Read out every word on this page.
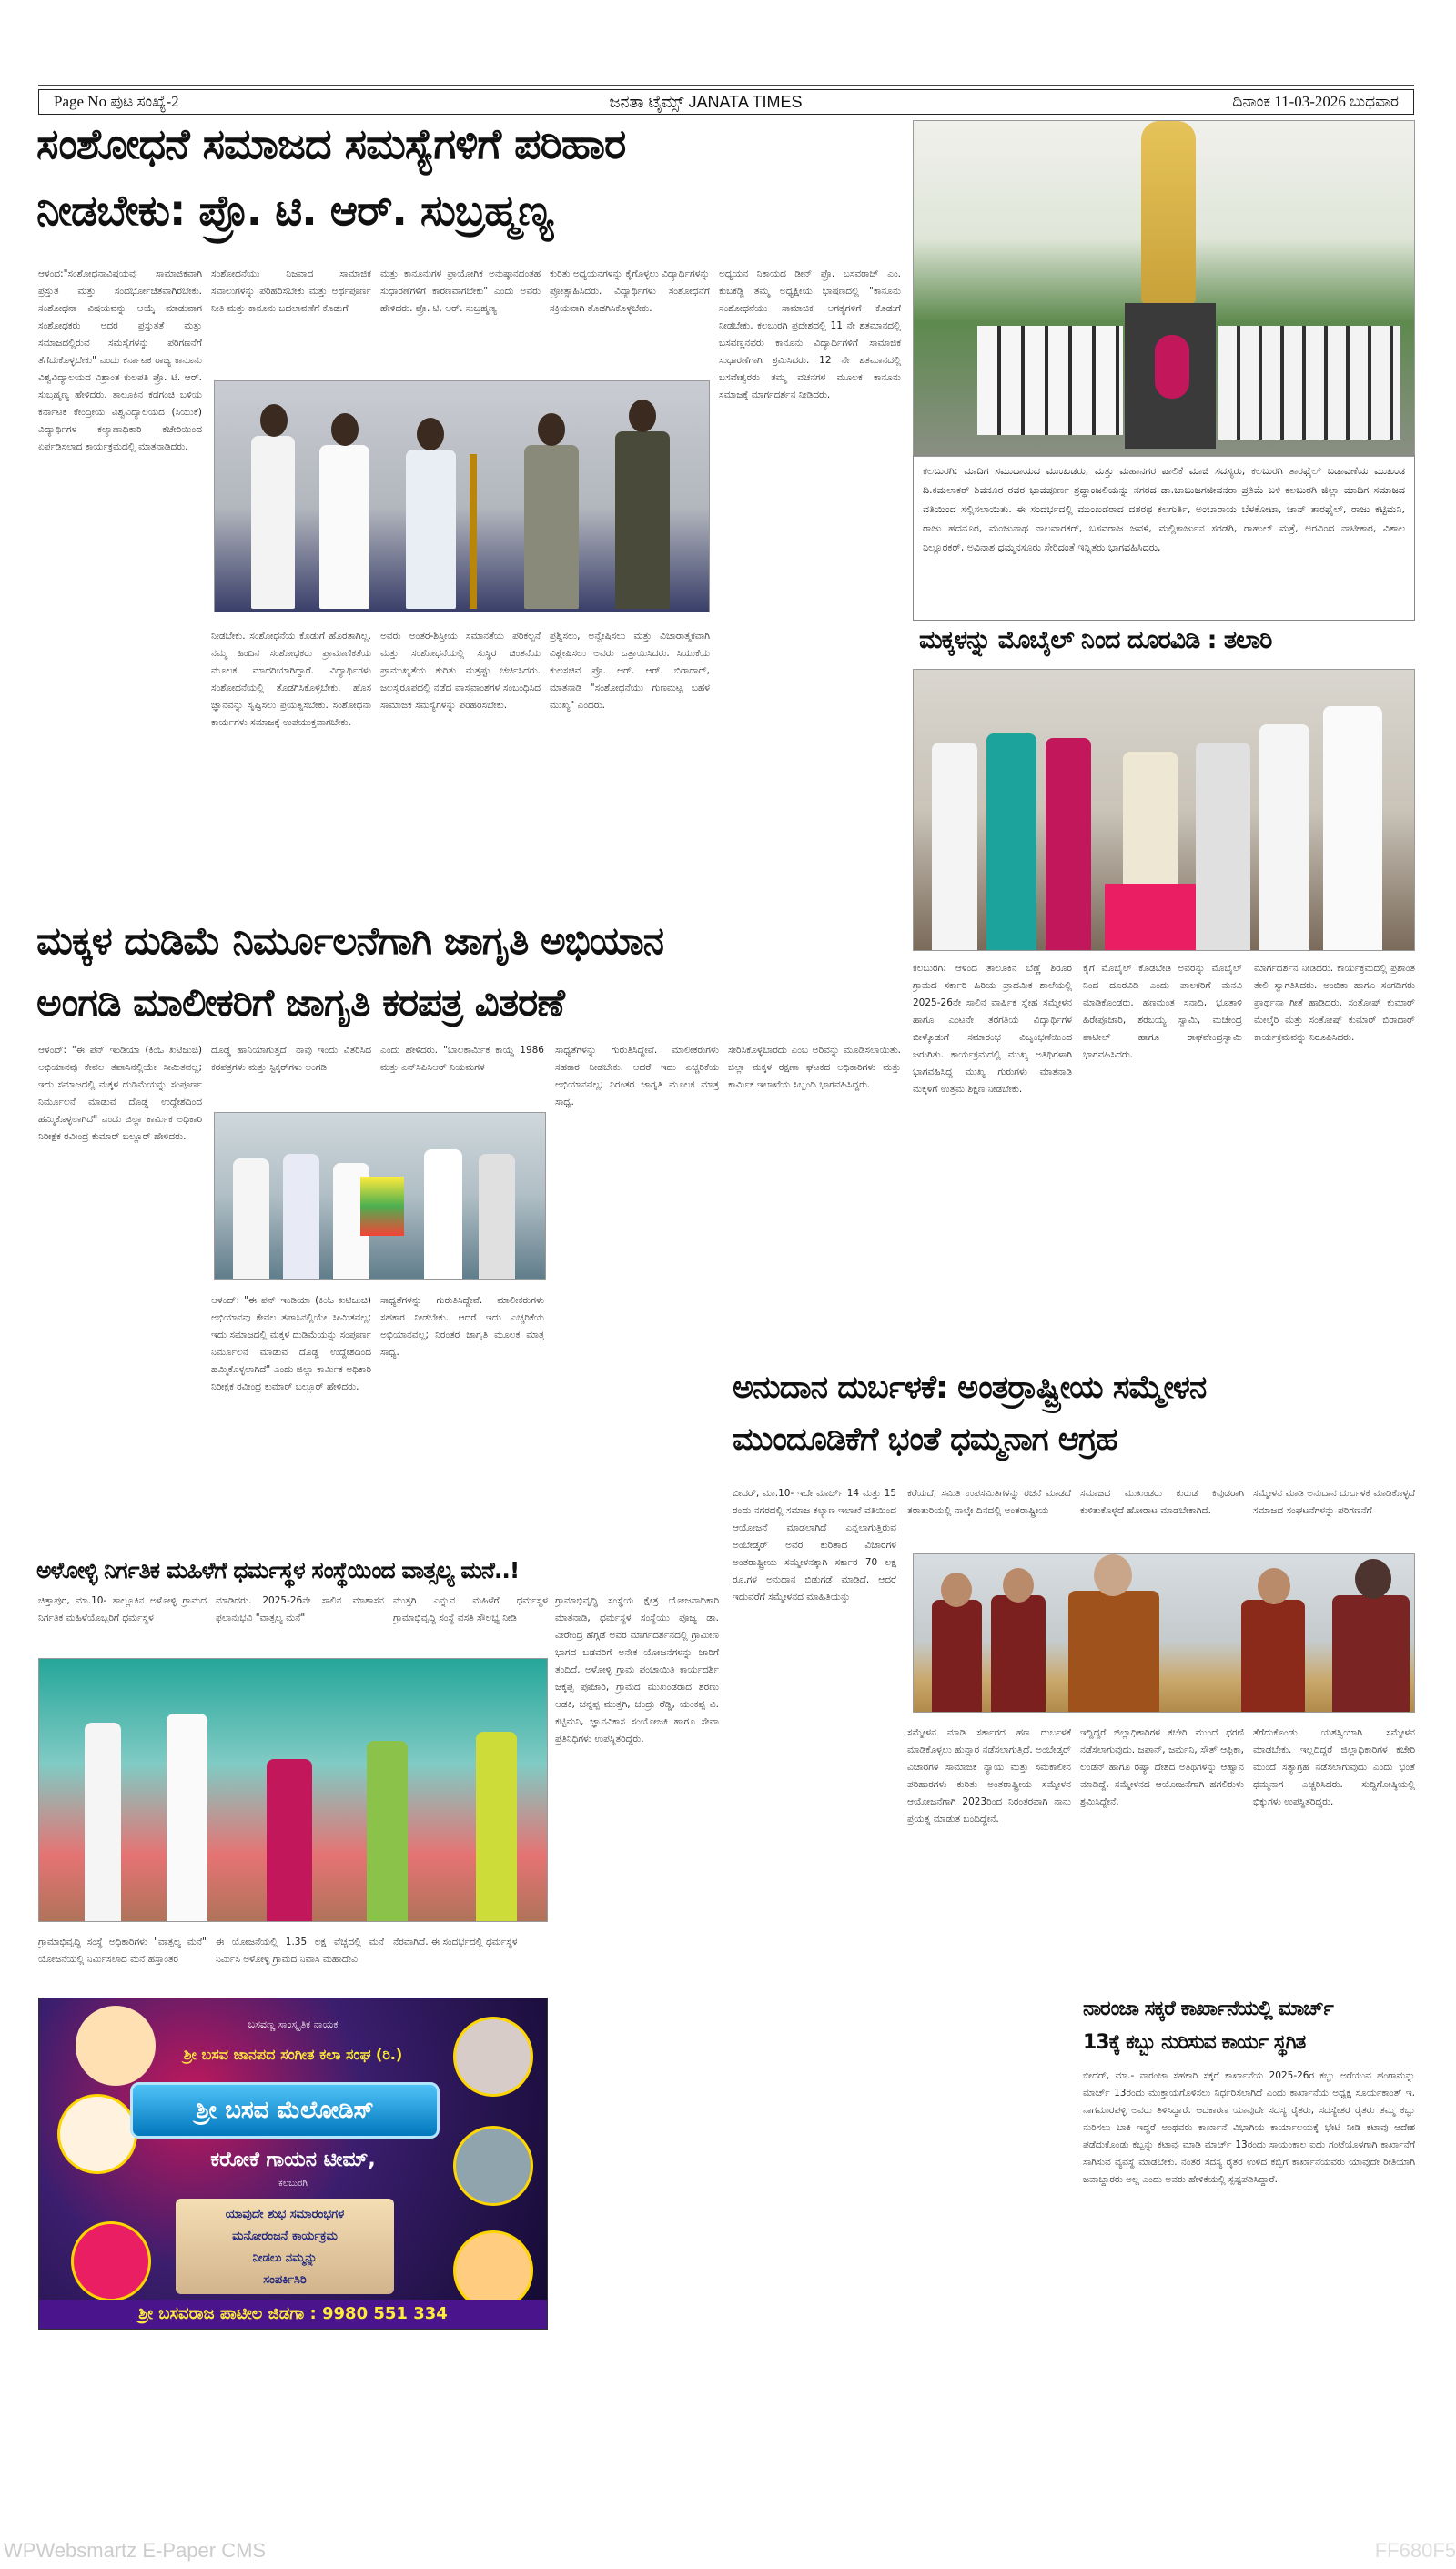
Page No ಪುಟ ಸಂಖ್ಯೆ-2	ಜನತಾ ಟೈಮ್ಸ್ JANATA TIMES	ದಿನಾಂಕ 11-03-2026 ಬುಧವಾರ
ಸಂಶೋಧನೆ ಸಮಾಜದ ಸಮಸ್ಯೆಗಳಿಗೆ ಪರಿಹಾರ
ನೀಡಬೇಕು: ಪ್ರೊ. ಟಿ. ಆರ್. ಸುಬ್ರಹ್ಮಣ್ಯ
ಆಳಂದ:"ಸಂಶೋಧನಾವಿಷಯವು ಸಾಮಾಜಿಕವಾಗಿ ಪ್ರಸ್ತುತ ಮತ್ತು ಸಂದರ್ಭೋಚಿತವಾಗಿರಬೇಕು. ಸಂಶೋಧನಾ ವಿಷಯವನ್ನು ಆಯ್ಕೆ ಮಾಡುವಾಗ ಸಂಶೋಧಕರು ಅದರ ಪ್ರಸ್ತುತತೆ ಮತ್ತು ಸಮಾಜದಲ್ಲಿರುವ ಸಮಸ್ಯೆಗಳನ್ನು ಪರಿಗಣನೆಗೆ ತೆಗೆದುಕೊಳ್ಳಬೇಕು" ಎಂದು ಕರ್ನಾಟಕ ರಾಜ್ಯ ಕಾನೂನು ವಿಶ್ವವಿದ್ಯಾಲಯದ ವಿಶ್ರಾಂತ ಕುಲಪತಿ ಪ್ರೊ. ಟಿ. ಆರ್. ಸುಬ್ರಹ್ಮಣ್ಯ ಹೇಳಿದರು. ತಾಲೂಕಿನ ಕಡಗಂಚಿ ಬಳಿಯ ಕರ್ನಾಟಕ ಕೇಂದ್ರೀಯ ವಿಶ್ವವಿದ್ಯಾಲಯದ (ಸಿಯುಕೆ) ವಿದ್ಯಾರ್ಥಿಗಳ ಕಲ್ಯಾಣಾಧಿಕಾರಿ ಕಚೇರಿಯಿಂದ ಏರ್ಪಡಿಸಲಾದ ಕಾರ್ಯಕ್ರಮದಲ್ಲಿ ಮಾತನಾಡಿದರು.
ಸಂಶೋಧನೆಯು ನಿಜವಾದ ಸಾಮಾಜಿಕ ಸವಾಲುಗಳನ್ನು ಪರಿಹರಿಸಬೇಕು ಮತ್ತು ಅರ್ಥಪೂರ್ಣ ನೀತಿ ಮತ್ತು ಕಾನೂನು ಬದಲಾವಣೆಗೆ ಕೊಡುಗೆ
ಮತ್ತು ಕಾನೂನುಗಳ ಪ್ರಾಯೋಗಿಕ ಅನುಷ್ಠಾನದಂತಹ ಸುಧಾರಣೆಗಳಿಗೆ ಕಾರಣವಾಗಬೇಕು" ಎಂದು ಅವರು ಹೇಳಿದರು. ಪ್ರೊ. ಟಿ. ಆರ್. ಸುಬ್ರಹ್ಮಣ್ಯ
ಕುರಿತು ಅಧ್ಯಯನಗಳನ್ನು ಕೈಗೊಳ್ಳಲು ವಿದ್ಯಾರ್ಥಿಗಳನ್ನು ಪ್ರೋತ್ಸಾಹಿಸಿದರು. ವಿದ್ಯಾರ್ಥಿಗಳು ಸಂಶೋಧನೆಗೆ ಸಕ್ರಿಯವಾಗಿ ತೊಡಗಿಸಿಕೊಳ್ಳಬೇಕು.
ಅಧ್ಯಯನ ನಿಕಾಯದ ಡೀನ್ ಪ್ರೊ. ಬಸವರಾಜ್ ಎಂ. ಕುಬಕಡ್ಡಿ ತಮ್ಮ ಅಧ್ಯಕ್ಷೀಯ ಭಾಷಣದಲ್ಲಿ "ಕಾನೂನು ಸಂಶೋಧನೆಯು ಸಾಮಾಜಿಕ ಅಗತ್ಯಗಳಿಗೆ ಕೊಡುಗೆ ನೀಡಬೇಕು. ಕಲಬುರಗಿ ಪ್ರದೇಶದಲ್ಲಿ 11 ನೇ ಶತಮಾನದಲ್ಲಿ ಬಸವಣ್ಣನವರು ಕಾನೂನು ವಿದ್ಯಾರ್ಥಿಗಳಿಗೆ ಸಾಮಾಜಿಕ ಸುಧಾರಣೆಗಾಗಿ ಶ್ರಮಿಸಿದರು. 12 ನೇ ಶತಮಾನದಲ್ಲಿ ಬಸವೇಶ್ವರರು ತಮ್ಮ ವಚನಗಳ ಮೂಲಕ ಕಾನೂನು ಸಮಾಜಕ್ಕೆ ಮಾರ್ಗದರ್ಶನ ನೀಡಿದರು.
ನೀಡಬೇಕು. ಸಂಶೋಧನೆಯ ಕೊಡುಗೆ ಹೊರತಾಗಿಲ್ಲ. ನಮ್ಮ ಹಿಂದಿನ ಸಂಶೋಧಕರು ಪ್ರಾಮಾಣಿಕತೆಯ ಮೂಲಕ ಮಾದರಿಯಾಗಿದ್ದಾರೆ. ವಿದ್ಯಾರ್ಥಿಗಳು ಸಂಶೋಧನೆಯಲ್ಲಿ ತೊಡಗಿಸಿಕೊಳ್ಳಬೇಕು. ಹೊಸ ಜ್ಞಾನವನ್ನು ಸೃಷ್ಟಿಸಲು ಪ್ರಯತ್ನಿಸಬೇಕು. ಸಂಶೋಧನಾ ಕಾರ್ಯಗಳು ಸಮಾಜಕ್ಕೆ ಉಪಯುಕ್ತವಾಗಬೇಕು.
ಅವರು ಅಂತರ-ಶಿಸ್ತೀಯ ಸಮಾನತೆಯ ಪರಿಕಲ್ಪನೆ ಮತ್ತು ಸಂಶೋಧನೆಯಲ್ಲಿ ಸುಸ್ಥಿರ ಚಿಂತನೆಯ ಪ್ರಾಮುಖ್ಯತೆಯ ಕುರಿತು ಮತ್ತಷ್ಟು ಚರ್ಚಿಸಿದರು. ಜಲಸ್ವರೂಪದಲ್ಲಿ ನಡೆದ ವಾಸ್ತವಾಂಶಗಳ ಸಂಬಂಧಿಸಿದ ಸಾಮಾಜಿಕ ಸಮಸ್ಯೆಗಳನ್ನು ಪರಿಹರಿಸಬೇಕು.
ಪ್ರಶ್ನಿಸಲು, ಅನ್ವೇಷಿಸಲು ಮತ್ತು ವಿಚಾರಾತ್ಮಕವಾಗಿ ವಿಶ್ಲೇಷಿಸಲು ಅವರು ಒತ್ತಾಯಿಸಿದರು. ಸಿಯುಕೆಯ ಕುಲಸಚಿವ ಪ್ರೊ. ಆರ್. ಆರ್. ಬಿರಾದಾರ್, ಮಾತನಾಡಿ "ಸಂಶೋಧನೆಯು ಗುಣಮಟ್ಟ ಬಹಳ ಮುಖ್ಯ" ಎಂದರು.
ಕಲಬುರಗಿ: ಮಾದಿಗ ಸಮುದಾಯದ ಮುಂಖಡರು, ಮತ್ತು ಮಹಾನಗರ ಪಾಲಿಕೆ ಮಾಜಿ ಸದಸ್ಯರು, ಕಲಬುರಗಿ ತಾರಫೈಲ್ ಬಡಾವಣೆಯ ಮುಖಂಡ ದಿ.ಕಮಲಾಕರ್ ಶಿವನೂರ ರವರ ಭಾವಪೂರ್ಣ ಶ್ರದ್ಧಾಂಜಲಿಯನ್ನು ನಗರದ ಡಾ.ಬಾಬುಜಗಜೀವನರಾ ಪ್ರತಿಮೆ ಬಳಿ ಕಲಬುರಗಿ ಜಿಲ್ಲಾ ಮಾದಿಗ ಸಮಾಜದ ವತಿಯಿಂದ ಸಲ್ಲಿಸಲಾಯಿತು. ಈ ಸಂದರ್ಭದಲ್ಲಿ ಮುಂಖಡರಾದ ದಶರಥ ಕಲಗುರ್ತಿ, ಅಂಬಾರಾಯ ಬೆಳಕೋಟಾ, ಜಾನ್ ತಾರಫೈಲ್, ರಾಜು ಕಟ್ಟಿಮನಿ, ರಾಜು ಹದನೂರ, ಮಂಜುನಾಥ ನಾಲವಾರಕರ್, ಬಸವರಾಜ ಜವಳಿ, ಮಲ್ಲಿಕಾರ್ಜುನ ಸರಡಗಿ, ರಾಹುಲ್ ಮತ್ರೆ, ಅರವಿಂದ ನಾಟೀಕಾರ, ವಿಶಾಲ ನಿಲ್ಲೂರಕರ್, ಅವಿನಾಶ ಧಮ್ಮನಸೂರು ಸೇರಿದಂತೆ ಇನ್ನಿತರು ಭಾಗವಹಿಸಿದರು,
ಮಕ್ಕಳನ್ನು ಮೊಬೈಲ್ ನಿಂದ ದೂರವಿಡಿ : ತಲಾರಿ
ಕಲಬುರಗಿ: ಆಳಂದ ತಾಲೂಕಿನ ಬೆಣ್ಣೆ ಶಿರೂರ ಗ್ರಾಮದ ಸರ್ಕಾರಿ ಹಿರಿಯ ಪ್ರಾಥಮಿಕ ಶಾಲೆಯಲ್ಲಿ 2025-26ನೇ ಸಾಲಿನ ವಾರ್ಷಿಕ ಸ್ನೇಹ ಸಮ್ಮೇಳನ ಹಾಗೂ ಎಂಟನೇ ತರಗತಿಯ ವಿದ್ಯಾರ್ಥಿಗಳ ಬೀಳ್ಕೊಡುಗೆ ಸಮಾರಂಭ ವಿಜೃಂಭಣೆಯಿಂದ ಜರುಗಿತು. ಕಾರ್ಯಕ್ರಮದಲ್ಲಿ ಮುಖ್ಯ ಅತಿಥಿಗಳಾಗಿ ಭಾಗವಹಿಸಿದ್ದ ಮುಖ್ಯ ಗುರುಗಳು ಮಾತನಾಡಿ ಮಕ್ಕಳಿಗೆ ಉತ್ತಮ ಶಿಕ್ಷಣ ನೀಡಬೇಕು.
ಕೈಗೆ ಮೊಬೈಲ್ ಕೊಡಬೇಡಿ ಅವರನ್ನು ಮೊಬೈಲ್ ನಿಂದ ದೂರವಿಡಿ ಎಂದು ಪಾಲಕರಿಗೆ ಮನವಿ ಮಾಡಿಕೊಂಡರು. ಹಣಮಂತ ಸನಾದಿ, ಭೂತಾಳಿ ಹಿರೇಪೂಜಾರಿ, ಶರಬಯ್ಯ ಸ್ವಾಮಿ, ಮಚೇಂದ್ರ ಪಾಟೀಲ್ ಹಾಗೂ ರಾಘವೇಂದ್ರಸ್ವಾಮಿ ಭಾಗವಹಿಸಿದರು.
ಮಾರ್ಗದರ್ಶನ ನೀಡಿದರು. ಕಾರ್ಯಕ್ರಮದಲ್ಲಿ ಪ್ರಶಾಂತ ತೇಲಿ ಸ್ವಾಗತಿಸಿದರು. ಅಂಬಿಕಾ ಹಾಗೂ ಸಂಗಡಿಗರು ಪ್ರಾರ್ಥನಾ ಗೀತೆ ಹಾಡಿದರು. ಸಂತೋಷ್ ಕುಮಾರ್ ಮೇಲ್ಕೆರಿ ಮತ್ತು ಸಂತೋಷ್ ಕುಮಾರ್ ಬಿರಾದಾರ್ ಕಾರ್ಯಕ್ರಮವನ್ನು ನಿರೂಪಿಸಿದರು.
ಮಕ್ಕಳ ದುಡಿಮೆ ನಿರ್ಮೂಲನೆಗಾಗಿ ಜಾಗೃತಿ ಅಭಿಯಾನ
ಅಂಗಡಿ ಮಾಲೀಕರಿಗೆ ಜಾಗೃತಿ ಕರಪತ್ರ ವಿತರಣೆ
ಆಳಂದ್: "ಈ ಪನ್ ಇಂಡಿಯಾ (ಕಿಂಓ ಖಟಿಜುಚಿ) ಅಭಿಯಾನವು ಕೇವಲ ತಪಾಸಿನಲ್ಲಿಯೇ ಸೀಮಿತವಲ್ಲ; ಇದು ಸಮಾಜದಲ್ಲಿ ಮಕ್ಕಳ ದುಡಿಮೆಯನ್ನು ಸಂಪೂರ್ಣ ನಿರ್ಮೂಲನೆ ಮಾಡುವ ದೊಡ್ಡ ಉದ್ದೇಶದಿಂದ ಹಮ್ಮಿಕೊಳ್ಳಲಾಗಿದೆ" ಎಂದು ಜಿಲ್ಲಾ ಕಾರ್ಮಿಕ ಅಧಿಕಾರಿ ನಿರೀಕ್ಷಕ ರವೀಂದ್ರ ಕುಮಾರ್ ಬಲ್ಲೂರ್ ಹೇಳಿದರು.
ದೊಡ್ಡ ಹಾನಿಯಾಗುತ್ತದೆ. ನಾವು ಇಂದು ವಿತರಿಸಿದ ಕರಪತ್ರಗಳು ಮತ್ತು ಸ್ಟಿಕ್ಕರ್‌ಗಳು ಅಂಗಡಿ
ಎಂದು ಹೇಳಿದರು. "ಬಾಲಕಾರ್ಮಿಕ ಕಾಯ್ದೆ 1986 ಮತ್ತು ಎನ್‌ಸಿಪಿಸಿಆರ್ ನಿಯಮಗಳ
ಸಾಧ್ಯತೆಗಳನ್ನು ಗುರುತಿಸಿದ್ದೇವೆ. ಮಾಲೀಕರುಗಳು ಸಹಕಾರ ನೀಡಬೇಕು. ಆದರೆ ಇದು ಎಚ್ಚರಿಕೆಯ ಅಭಿಯಾನವಲ್ಲ; ನಿರಂತರ ಜಾಗೃತಿ ಮೂಲಕ ಮಾತ್ರ ಸಾಧ್ಯ.
ಸೇರಿಸಿಕೊಳ್ಳಬಾರದು ಎಂಬ ಅರಿವನ್ನು ಮೂಡಿಸಲಾಯಿತು. ಜಿಲ್ಲಾ ಮಕ್ಕಳ ರಕ್ಷಣಾ ಘಟಕದ ಅಧಿಕಾರಿಗಳು ಮತ್ತು ಕಾರ್ಮಿಕ ಇಲಾಖೆಯ ಸಿಬ್ಬಂದಿ ಭಾಗವಹಿಸಿದ್ದರು.
ಆಳಂದ್: "ಈ ಪನ್ ಇಂಡಿಯಾ (ಕಿಂಓ ಖಟಿಜುಚಿ) ಅಭಿಯಾನವು ಕೇವಲ ತಪಾಸಿನಲ್ಲಿಯೇ ಸೀಮಿತವಲ್ಲ; ಇದು ಸಮಾಜದಲ್ಲಿ ಮಕ್ಕಳ ದುಡಿಮೆಯನ್ನು ಸಂಪೂರ್ಣ ನಿರ್ಮೂಲನೆ ಮಾಡುವ ದೊಡ್ಡ ಉದ್ದೇಶದಿಂದ ಹಮ್ಮಿಕೊಳ್ಳಲಾಗಿದೆ" ಎಂದು ಜಿಲ್ಲಾ ಕಾರ್ಮಿಕ ಅಧಿಕಾರಿ ನಿರೀಕ್ಷಕ ರವೀಂದ್ರ ಕುಮಾರ್ ಬಲ್ಲೂರ್ ಹೇಳಿದರು.
ಸಾಧ್ಯತೆಗಳನ್ನು ಗುರುತಿಸಿದ್ದೇವೆ. ಮಾಲೀಕರುಗಳು ಸಹಕಾರ ನೀಡಬೇಕು. ಆದರೆ ಇದು ಎಚ್ಚರಿಕೆಯ ಅಭಿಯಾನವಲ್ಲ; ನಿರಂತರ ಜಾಗೃತಿ ಮೂಲಕ ಮಾತ್ರ ಸಾಧ್ಯ.
ಅಳೋಳ್ಳಿ ನಿರ್ಗತಿಕ ಮಹಿಳೆಗೆ ಧರ್ಮಸ್ಥಳ ಸಂಸ್ಥೆಯಿಂದ ವಾತ್ಸಲ್ಯ ಮನೆ..!
ಚಿತ್ತಾಪುರ, ಮಾ.10- ತಾಲ್ಲೂಕಿನ ಅಳೋಳ್ಳಿ ಗ್ರಾಮದ ನಿರ್ಗತಿಕ ಮಹಿಳೆಯೊಬ್ಬರಿಗೆ ಧರ್ಮಸ್ಥಳ
ಮಾಡಿದರು. 2025-26ನೇ ಸಾಲಿನ ಮಾಶಾಸನ ಫಲಾನುಭವಿ "ವಾತ್ಸಲ್ಯ ಮನೆ"
ಮುತ್ತಗಿ ಎನ್ನುವ ಮಹಿಳೆಗೆ ಧರ್ಮಸ್ಥಳ ಗ್ರಾಮಾಭಿವೃದ್ಧಿ ಸಂಸ್ಥೆ ವಸತಿ ಸೌಲಭ್ಯ ನೀಡಿ
ಗ್ರಾಮಾಭಿವೃದ್ಧಿ ಸಂಸ್ಥೆಯ ಕ್ಷೇತ್ರ ಯೋಜನಾಧಿಕಾರಿ ಮಾತನಾಡಿ, ಧರ್ಮಸ್ಥಳ ಸಂಸ್ಥೆಯು ಪೂಜ್ಯ ಡಾ. ವೀರೇಂದ್ರ ಹೆಗ್ಗಡೆ ಅವರ ಮಾರ್ಗದರ್ಶನದಲ್ಲಿ ಗ್ರಾಮೀಣ ಭಾಗದ ಬಡವರಿಗೆ ಅನೇಕ ಯೋಜನೆಗಳನ್ನು ಜಾರಿಗೆ ತಂದಿದೆ. ಅಳೋಳ್ಳಿ ಗ್ರಾಮ ಪಂಚಾಯಿತಿ ಕಾರ್ಯದರ್ಶಿ ಜಕ್ಕಪ್ಪ ಪೂಜಾರಿ, ಗ್ರಾಮದ ಮುಖಂಡರಾದ ಶರಣು ಆಡಕಿ, ಚನ್ನಪ್ಪ ಮುತ್ತಗಿ, ಚಂದ್ರು ರೆಡ್ಡಿ, ಯಂಕಪ್ಪ ವಿ. ಕಟ್ಟಿಮನಿ, ಜ್ಞಾನವಿಕಾಸ ಸಂಯೋಜಕಿ ಹಾಗೂ ಸೇವಾ ಪ್ರತಿನಿಧಿಗಳು ಉಪಸ್ಥಿತರಿದ್ದರು.
ಗ್ರಾಮಾಭಿವೃದ್ಧಿ ಸಂಸ್ಥೆ ಅಧಿಕಾರಿಗಳು "ವಾತ್ಸಲ್ಯ ಮನೆ" ಯೋಜನೆಯಲ್ಲಿ ನಿರ್ಮಿಸಲಾದ ಮನೆ ಹಸ್ತಾಂತರ
ಈ ಯೋಜನೆಯಲ್ಲಿ 1.35 ಲಕ್ಷ ವೆಚ್ಚದಲ್ಲಿ ಮನೆ ನಿರ್ಮಿಸಿ ಅಳೋಳ್ಳಿ ಗ್ರಾಮದ ನಿವಾಸಿ ಮಹಾದೇವಿ
ನೆರವಾಗಿದೆ. ಈ ಸಂದರ್ಭದಲ್ಲಿ ಧರ್ಮಸ್ಥಳ
ಬಸವಣ್ಣ ಸಾಂಸ್ಕೃತಿಕ ನಾಯಕ
ಶ್ರೀ ಬಸವ ಜಾನಪದ ಸಂಗೀತ ಕಲಾ ಸಂಘ (ರಿ.)
ಶ್ರೀ ಬಸವ ಮೆಲೋಡಿಸ್
ಕರೋಕೆ ಗಾಯನ ಟೀಮ್,
ಕಲಬುರಗಿ
ಯಾವುದೇ ಶುಭ ಸಮಾರಂಭಗಳ
ಮನೋರಂಜನೆ ಕಾರ್ಯಕ್ರಮ
ನೀಡಲು ನಮ್ಮನ್ನು
ಸಂಪರ್ಕಿಸಿರಿ
ಶ್ರೀ ಬಸವರಾಜ ಪಾಟೀಲ ಜಿಡಗಾ : 9980 551 334
ಅನುದಾನ ದುರ್ಬಳಕೆ: ಅಂತರ್ರಾಷ್ಟ್ರೀಯ ಸಮ್ಮೇಳನ
ಮುಂದೂಡಿಕೆಗೆ ಭಂತೆ ಧಮ್ಮನಾಗ ಆಗ್ರಹ
ಬೀದರ್, ಮಾ.10- ಇದೇ ಮಾರ್ಚ್ 14 ಮತ್ತು 15 ರಂದು ನಗರದಲ್ಲಿ ಸಮಾಜ ಕಲ್ಯಾಣ ಇಲಾಖೆ ವತಿಯಿಂದ ಆಯೋಜನೆ ಮಾಡಲಾಗಿದೆ ಎನ್ನಲಾಗುತ್ತಿರುವ ಅಂಬೇಡ್ಕರ್ ಅವರ ಕುರಿತಾದ ವಿಚಾರಗಳ ಅಂತರಾಷ್ಟ್ರೀಯ ಸಮ್ಮೇಳನಕ್ಕಾಗಿ ಸರ್ಕಾರ 70 ಲಕ್ಷ ರೂ.ಗಳ ಅನುದಾನ ಬಿಡುಗಡೆ ಮಾಡಿದೆ. ಆದರೆ ಇದುವರೆಗೆ ಸಮ್ಮೇಳನದ ಮಾಹಿತಿಯನ್ನು
ಕರೆಯದೆ, ಸಮಿತಿ ಉಪಸಮಿತಿಗಳನ್ನು ರಚನೆ ಮಾಡದೆ ತರಾತುರಿಯಲ್ಲಿ ನಾಲ್ಕೇ ದಿನದಲ್ಲಿ ಅಂತರಾಷ್ಟ್ರೀಯ
ಸಮಾಜದ ಮುಖಂಡರು ಕುರುಡ ಕಿವುಡರಾಗಿ ಕುಳಿತುಕೊಳ್ಳದೆ ಹೋರಾಟ ಮಾಡಬೇಕಾಗಿದೆ.
ಸಮ್ಮೇಳನ ಮಾಡಿ ಅನುದಾನ ದುರ್ಬಳಕೆ ಮಾಡಿಕೊಳ್ಳದೆ ಸಮಾಜದ ಸಂಘಟನೆಗಳನ್ನು ಪರಿಗಣನೆಗೆ
ಸಮ್ಮೇಳನ ಮಾಡಿ ಸರ್ಕಾರದ ಹಣ ದುರ್ಬಳಕೆ ಮಾಡಿಕೊಳ್ಳಲು ಹುನ್ನಾರ ನಡೆಸಲಾಗುತ್ತಿದೆ. ಅಂಬೇಡ್ಕರ್ ವಿಚಾರಗಳ ಸಾಮಾಜಿಕ ನ್ಯಾಯ ಮತ್ತು ಸಮಕಾಲೀನ ಪರಿಹಾರಗಳು ಕುರಿತು ಅಂತರಾಷ್ಟ್ರೀಯ ಸಮ್ಮೇಳನ ಆಯೋಜನೆಗಾಗಿ 2023ರಿಂದ ನಿರಂತರವಾಗಿ ನಾನು ಪ್ರಯತ್ನ ಮಾಡುತ ಬಂದಿದ್ದೇನೆ.
ಇದ್ದಿದ್ದರೆ ಜಿಲ್ಲಾಧಿಕಾರಿಗಳ ಕಚೇರಿ ಮುಂದೆ ಧರಣಿ ನಡೆಸಲಾಗುವುದು. ಜಪಾನ್, ಜರ್ಮನಿ, ಸೌತ್ ಆಫ್ರಿಕಾ, ಲಂಡನ್ ಹಾಗೂ ರಷ್ಯಾ ದೇಶದ ಅತಿಥಿಗಳನ್ನು ಆಹ್ವಾನ ಮಾಡಿದ್ದೆ. ಸಮ್ಮೇಳನದ ಆಯೋಜನೆಗಾಗಿ ಹಗಲಿರುಳು ಶ್ರಮಿಸಿದ್ದೇನೆ.
ತೆಗೆದುಕೊಂಡು ಯಶಸ್ವಿಯಾಗಿ ಸಮ್ಮೇಳನ ಮಾಡಬೇಕು. ಇಲ್ಲದಿದ್ದರೆ ಜಿಲ್ಲಾಧಿಕಾರಿಗಳ ಕಚೇರಿ ಮುಂದೆ ಸತ್ಯಾಗ್ರಹ ನಡೆಸಲಾಗುವುದು ಎಂದು ಭಂತೆ ಧಮ್ಮನಾಗ ಎಚ್ಚರಿಸಿದರು. ಸುದ್ದಿಗೋಷ್ಠಿಯಲ್ಲಿ ಭಿಕ್ಕುಗಳು ಉಪಸ್ಥಿತರಿದ್ದರು.
ನಾರಂಜಾ ಸಕ್ಕರೆ ಕಾರ್ಖಾನೆಯಲ್ಲಿ ಮಾರ್ಚ್
13ಕ್ಕೆ ಕಬ್ಬು ನುರಿಸುವ ಕಾರ್ಯ ಸ್ಥಗಿತ
ಬೀದರ್, ಮಾ.- ನಾರಂಜಾ ಸಹಕಾರಿ ಸಕ್ಕರೆ ಕಾರ್ಖಾನೆಯ 2025-26ರ ಕಬ್ಬು ಅರೆಯುವ ಹಂಗಾಮನ್ನು ಮಾರ್ಚ್ 13ರಂದು ಮುಕ್ತಾಯಗೊಳಿಸಲು ನಿರ್ಧರಿಸಲಾಗಿದೆ ಎಂದು ಕಾರ್ಖಾನೆಯ ಅಧ್ಯಕ್ಷ ಸೂರ್ಯಕಾಂತ್ ಇ. ನಾಗಮಾರಪಳ್ಳಿ ಅವರು ತಿಳಿಸಿದ್ದಾರೆ. ಆದಕಾರಣ ಯಾವುದೇ ಸದಸ್ಯ ರೈತರು, ಸದಸ್ಯೇತರ ರೈತರು ತಮ್ಮ ಕಬ್ಬು ನುರಿಸಲು ಬಾಕಿ ಇದ್ದರೆ ಅಂಥವರು ಕಾರ್ಖಾನೆ ವಿಭಾಗಿಯ ಕಾರ್ಯಾಲಯಕ್ಕೆ ಭೇಟಿ ನೀಡಿ ಕಟಾವು ಆದೇಶ ಪಡೆದುಕೊಂಡು ಕಬ್ಬನ್ನು ಕಟಾವು ಮಾಡಿ ಮಾರ್ಚ್ 13ರಂದು ಸಾಯಂಕಾಲ ಐದು ಗಂಟೆಯೊಳಗಾಗಿ ಕಾರ್ಖಾನೆಗೆ ಸಾಗಿಸುವ ವ್ಯವಸ್ಥೆ ಮಾಡಬೇಕು. ನಂತರ ಸದಸ್ಯ ರೈತರ ಉಳಿದ ಕಬ್ಬಿಗೆ ಕಾರ್ಖಾನೆಯವರು ಯಾವುದೇ ರೀತಿಯಾಗಿ ಜವಾಬ್ದಾರರು ಅಲ್ಲ ಎಂದು ಅವರು ಹೇಳಿಕೆಯಲ್ಲಿ ಸ್ಪಷ್ಟಪಡಿಸಿದ್ದಾರೆ.
WPWebsmartz E-Paper CMS	FF680F5
